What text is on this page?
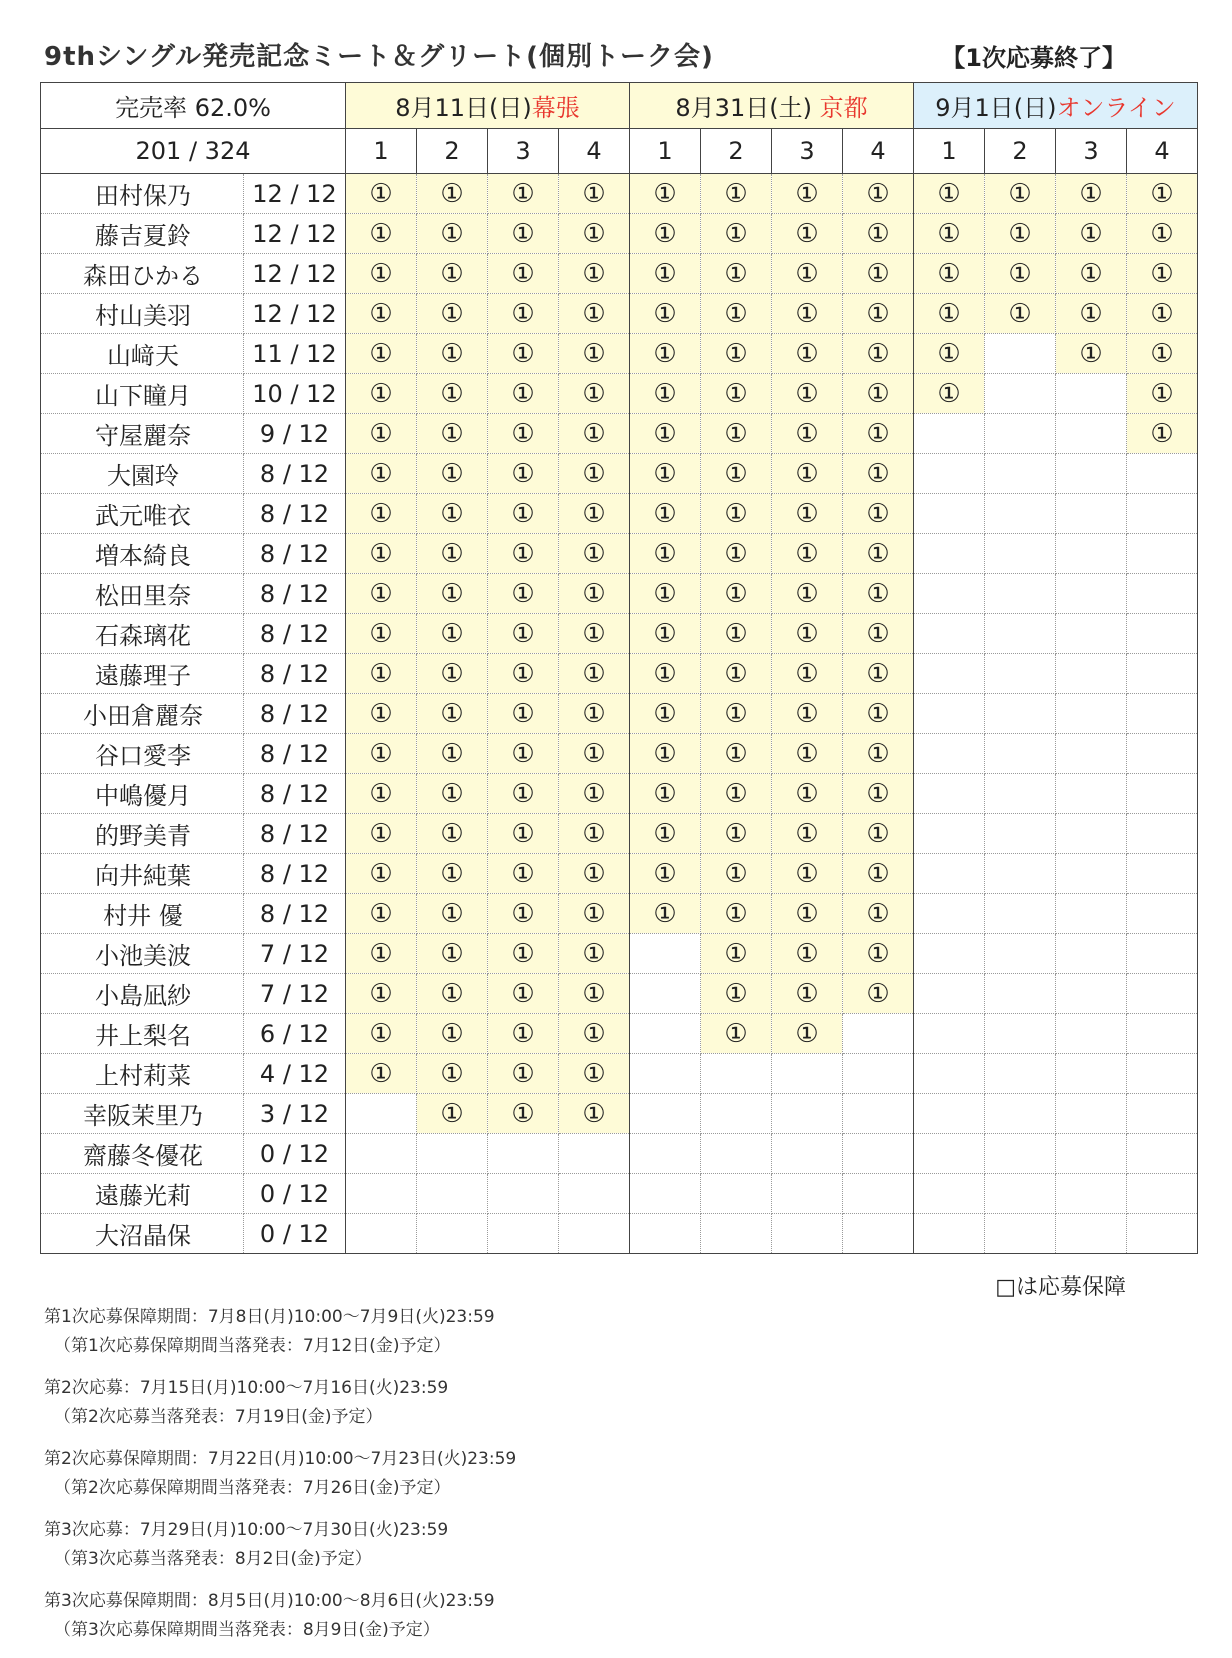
9thシングル発売記念ミート＆グリート(個別トーク会)	【1次応募終了】
完売率 62.0%		8月11日(日)幕張				8月31日(土) 京都				9月1日(日)オンライン			
201 / 324		1	2	3	4	1	2	3	4	1	2	3	4
田村保乃	12 / 12	①	①	①	①	①	①	①	①	①	①	①	①
藤吉夏鈴	12 / 12	①	①	①	①	①	①	①	①	①	①	①	①
森田ひかる	12 / 12	①	①	①	①	①	①	①	①	①	①	①	①
村山美羽	12 / 12	①	①	①	①	①	①	①	①	①	①	①	①
山﨑天	11 / 12	①	①	①	①	①	①	①	①	①		①	①
山下瞳月	10 / 12	①	①	①	①	①	①	①	①	①			①
守屋麗奈	9 / 12	①	①	①	①	①	①	①	①				①
大園玲	8 / 12	①	①	①	①	①	①	①	①				
武元唯衣	8 / 12	①	①	①	①	①	①	①	①				
増本綺良	8 / 12	①	①	①	①	①	①	①	①				
松田里奈	8 / 12	①	①	①	①	①	①	①	①				
石森璃花	8 / 12	①	①	①	①	①	①	①	①				
遠藤理子	8 / 12	①	①	①	①	①	①	①	①				
小田倉麗奈	8 / 12	①	①	①	①	①	①	①	①				
谷口愛李	8 / 12	①	①	①	①	①	①	①	①				
中嶋優月	8 / 12	①	①	①	①	①	①	①	①				
的野美青	8 / 12	①	①	①	①	①	①	①	①				
向井純葉	8 / 12	①	①	①	①	①	①	①	①				
村井 優	8 / 12	①	①	①	①	①	①	①	①				
小池美波	7 / 12	①	①	①	①		①	①	①				
小島凪紗	7 / 12	①	①	①	①		①	①	①				
井上梨名	6 / 12	①	①	①	①		①	①					
上村莉菜	4 / 12	①	①	①	①								
幸阪茉里乃	3 / 12		①	①	①								
齋藤冬優花	0 / 12												
遠藤光莉	0 / 12												
大沼晶保	0 / 12												
□は応募保障
第1次応募保障期間：7月8日(月)10:00～7月9日(火)23:59
（第1次応募保障期間当落発表：7月12日(金)予定）
第2次応募：7月15日(月)10:00～7月16日(火)23:59
（第2次応募当落発表：7月19日(金)予定）
第2次応募保障期間：7月22日(月)10:00～7月23日(火)23:59
（第2次応募保障期間当落発表：7月26日(金)予定）
第3次応募：7月29日(月)10:00～7月30日(火)23:59
（第3次応募当落発表：8月2日(金)予定）
第3次応募保障期間：8月5日(月)10:00～8月6日(火)23:59
（第3次応募保障期間当落発表：8月9日(金)予定）
